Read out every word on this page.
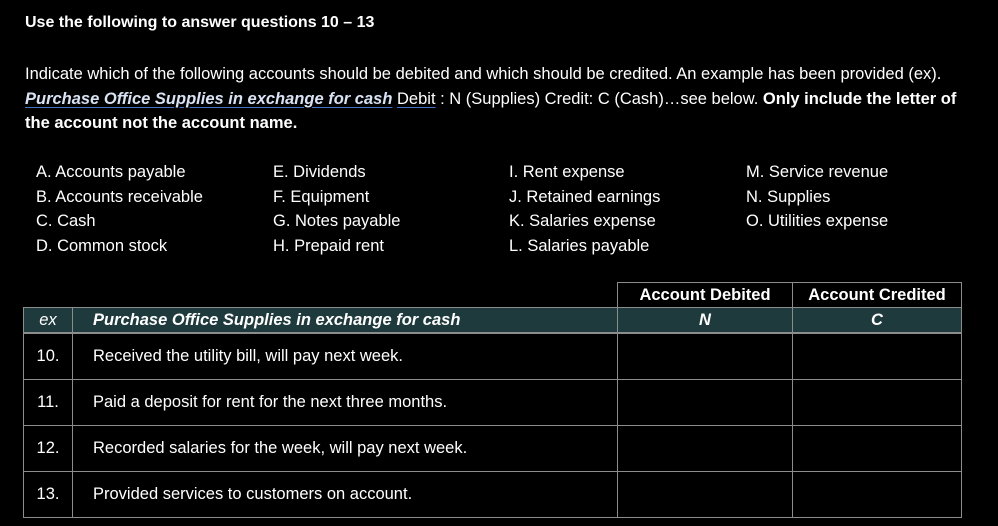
Use the following to answer questions 10 – 13
Indicate which of the following accounts should be debited and which should be credited. An example has been provided (ex). Purchase Office Supplies in exchange for cash Debit : N (Supplies) Credit: C (Cash)…see below. Only include the letter of the account not the account name.
A. Accounts payable
B. Accounts receivable
C. Cash
D. Common stock
E. Dividends
F. Equipment
G. Notes payable
H. Prepaid rent
I. Rent expense
J. Retained earnings
K. Salaries expense
L. Salaries payable
M. Service revenue
N. Supplies
O. Utilities expense
		Account Debited	Account Credited
ex	Purchase Office Supplies in exchange for cash	N	C
10.	Received the utility bill, will pay next week.		
11.	Paid a deposit for rent for the next three months.		
12.	Recorded salaries for the week, will pay next week.		
13.	Provided services to customers on account.		
